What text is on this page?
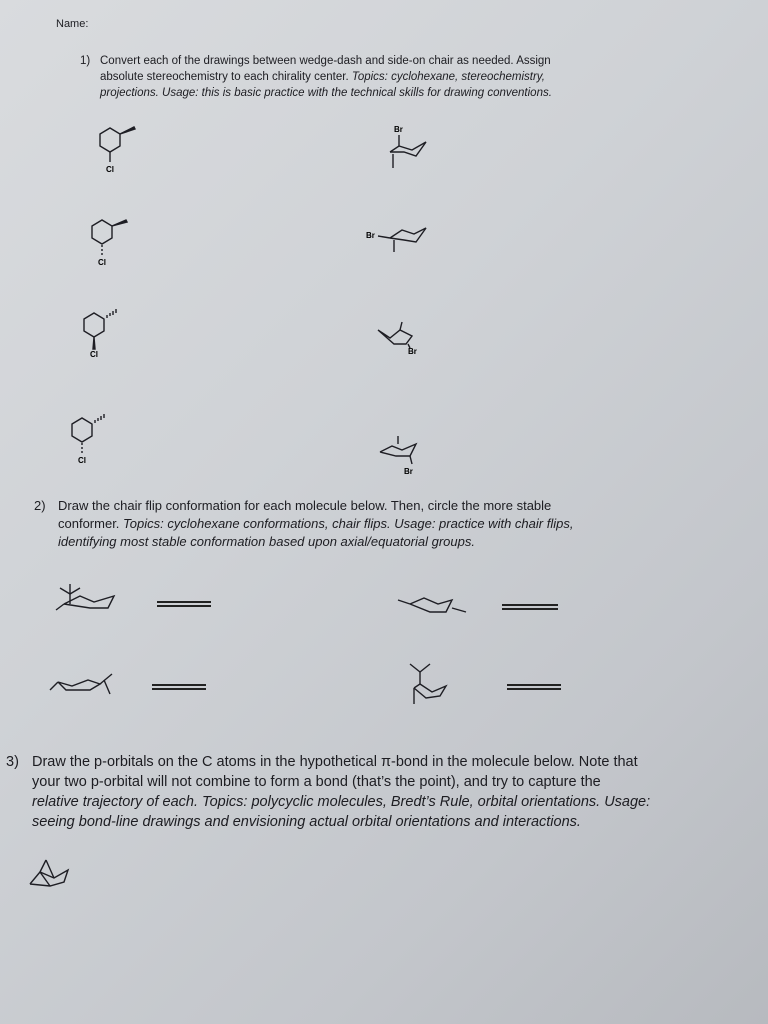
Name:
1) Convert each of the drawings between wedge-dash and side-on chair as needed. Assign
absolute stereochemistry to each chirality center. Topics: cyclohexane, stereochemistry,
projections. Usage: this is basic practice with the technical skills for drawing conventions.
Cl
Cl
Cl
Cl
Br
Br
Br
Br
2) Draw the chair flip conformation for each molecule below. Then, circle the more stable
conformer. Topics: cyclohexane conformations, chair flips. Usage: practice with chair flips,
identifying most stable conformation based upon axial/equatorial groups.
3) Draw the p-orbitals on the C atoms in the hypothetical π-bond in the molecule below. Note that
your two p-orbital will not combine to form a bond (that’s the point), and try to capture the
relative trajectory of each. Topics: polycyclic molecules, Bredt’s Rule, orbital orientations. Usage:
seeing bond-line drawings and envisioning actual orbital orientations and interactions.
